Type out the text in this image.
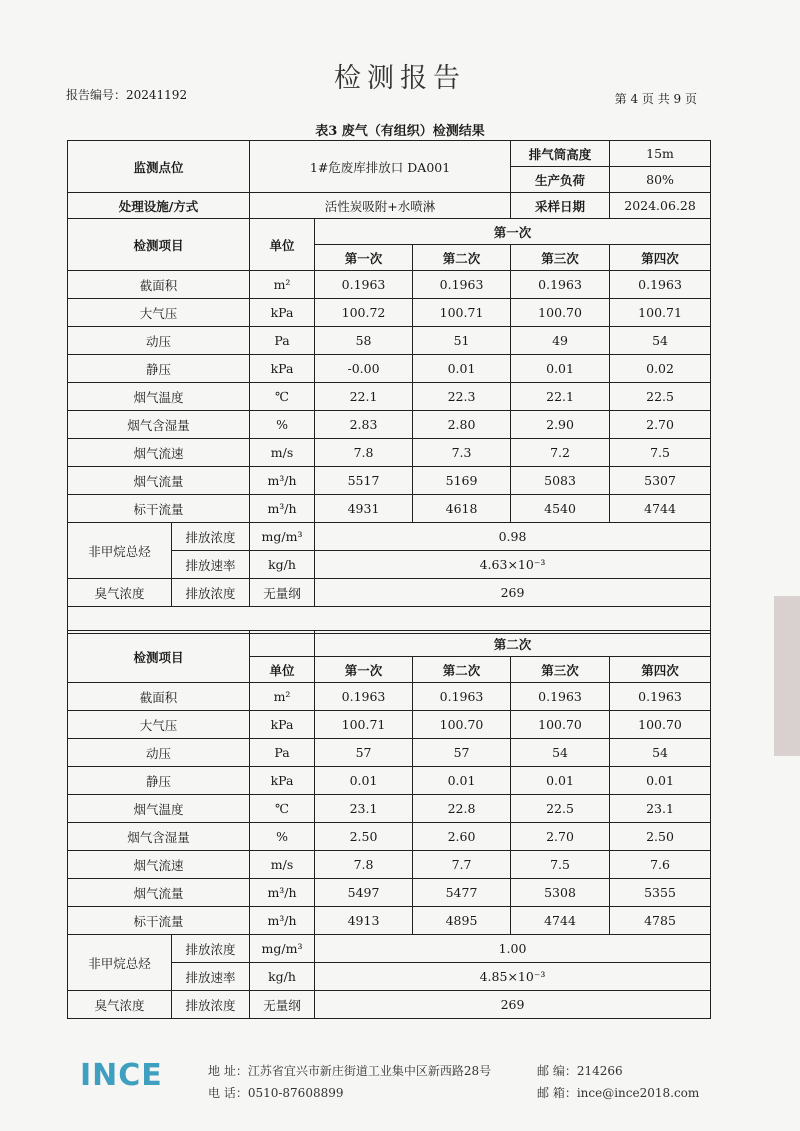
检测报告
报告编号：20241192	第 4 页 共 9 页
表3 废气（有组织）检测结果
监测点位		1#危废库排放口 DA001			排气筒高度	15m
					生产负荷	80%
处理设施/方式		活性炭吸附+水喷淋			采样日期	2024.06.28
检测项目		单位	第一次			
			第一次	第二次	第三次	第四次
截面积		m²	0.1963	0.1963	0.1963	0.1963
大气压		kPa	100.72	100.71	100.70	100.71
动压		Pa	58	51	49	54
静压		kPa	-0.00	0.01	0.01	0.02
烟气温度		℃	22.1	22.3	22.1	22.5
烟气含湿量		%	2.83	2.80	2.90	2.70
烟气流速		m/s	7.8	7.3	7.2	7.5
烟气流量		m³/h	5517	5169	5083	5307
标干流量		m³/h	4931	4618	4540	4744
非甲烷总烃	排放浓度	mg/m³	0.98			
	排放速率	kg/h	4.63×10⁻³			
臭气浓度	排放浓度	无量纲	269			

检测项目			第二次			
		单位	第一次	第二次	第三次	第四次
截面积		m²	0.1963	0.1963	0.1963	0.1963
大气压		kPa	100.71	100.70	100.70	100.70
动压		Pa	57	57	54	54
静压		kPa	0.01	0.01	0.01	0.01
烟气温度		℃	23.1	22.8	22.5	23.1
烟气含湿量		%	2.50	2.60	2.70	2.50
烟气流速		m/s	7.8	7.7	7.5	7.6
烟气流量		m³/h	5497	5477	5308	5355
标干流量		m³/h	4913	4895	4744	4785
非甲烷总烃	排放浓度	mg/m³	1.00			
	排放速率	kg/h	4.85×10⁻³			
臭气浓度	排放浓度	无量纲	269			
INCE	地 址：江苏省宜兴市新庄街道工业集中区新西路28号	邮 编：214266
电 话：0510-87608899	邮 箱：ince@ince2018.com
